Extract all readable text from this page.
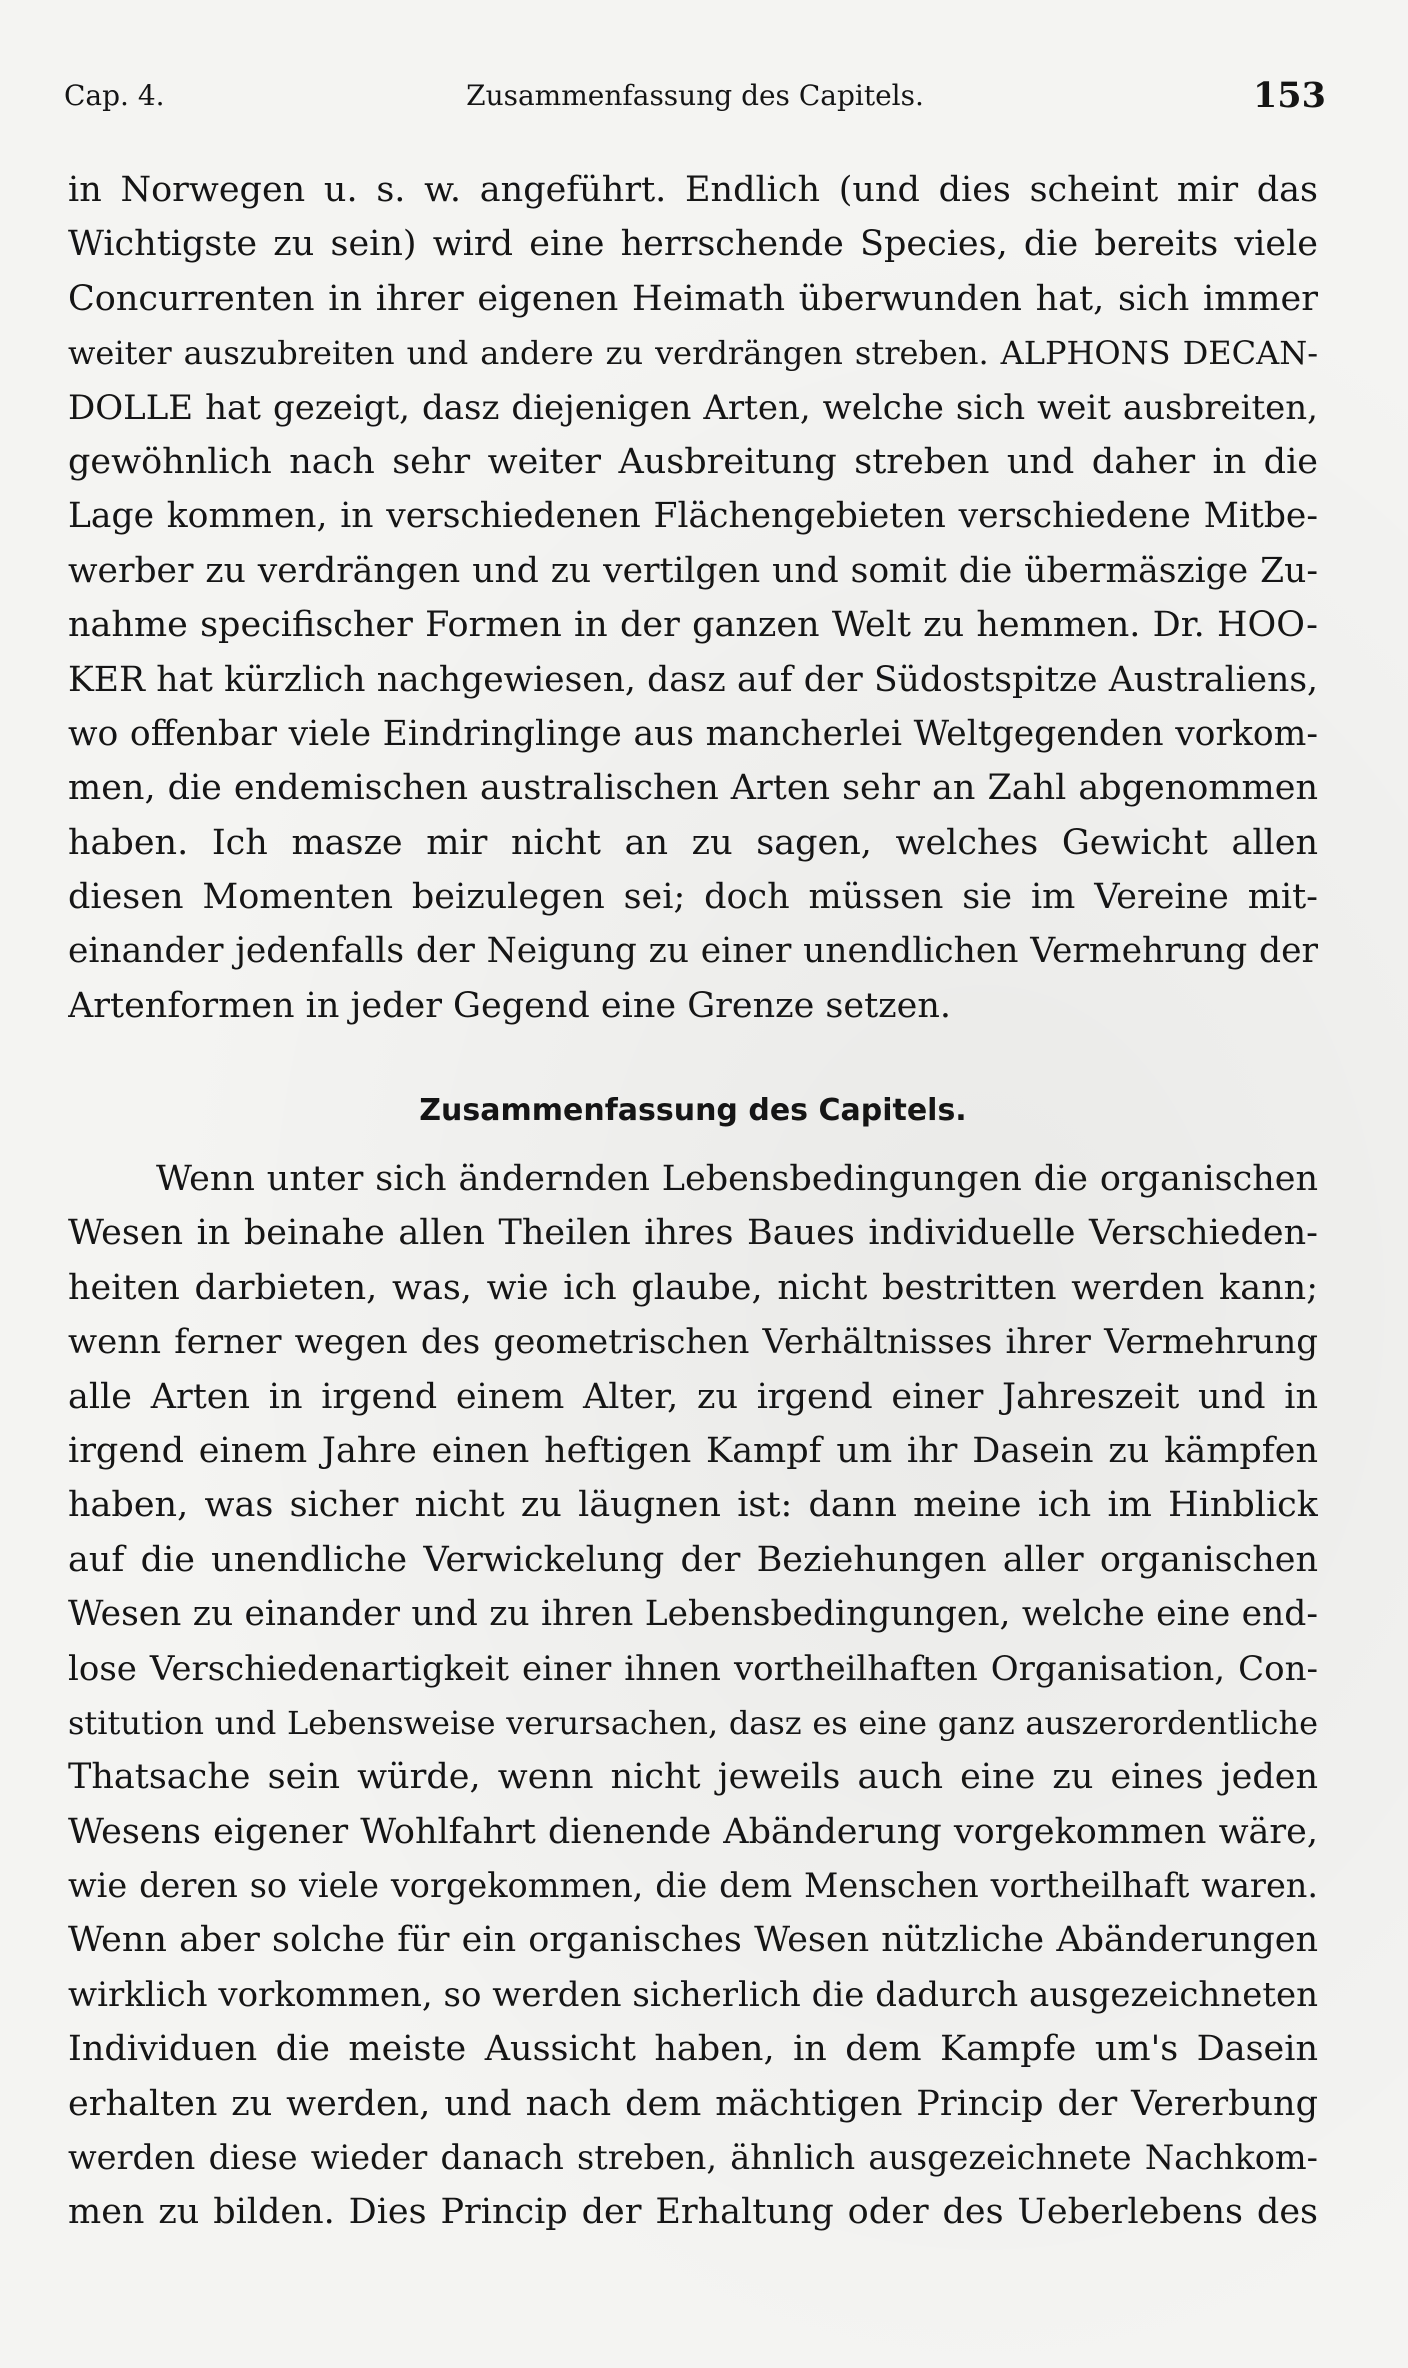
Cap. 4.	Zusammenfassung des Capitels.	153
in Norwegen u. s. w. angeführt. Endlich (und dies scheint mir das
Wichtigste zu sein) wird eine herrschende Species, die bereits viele
Concurrenten in ihrer eigenen Heimath überwunden hat, sich immer
weiter auszubreiten und andere zu verdrängen streben. ALPHONS DECAN-
DOLLE hat gezeigt, dasz diejenigen Arten, welche sich weit ausbreiten,
gewöhnlich nach sehr weiter Ausbreitung streben und daher in die
Lage kommen, in verschiedenen Flächengebieten verschiedene Mitbe-
werber zu verdrängen und zu vertilgen und somit die übermäszige Zu-
nahme specifischer Formen in der ganzen Welt zu hemmen. Dr. HOO-
KER hat kürzlich nachgewiesen, dasz auf der Südostspitze Australiens,
wo offenbar viele Eindringlinge aus mancherlei Weltgegenden vorkom-
men, die endemischen australischen Arten sehr an Zahl abgenommen
haben. Ich masze mir nicht an zu sagen, welches Gewicht allen
diesen Momenten beizulegen sei; doch müssen sie im Vereine mit-
einander jedenfalls der Neigung zu einer unendlichen Vermehrung der
Artenformen in jeder Gegend eine Grenze setzen.
Zusammenfassung des Capitels.
Wenn unter sich ändernden Lebensbedingungen die organischen
Wesen in beinahe allen Theilen ihres Baues individuelle Verschieden-
heiten darbieten, was, wie ich glaube, nicht bestritten werden kann;
wenn ferner wegen des geometrischen Verhältnisses ihrer Vermehrung
alle Arten in irgend einem Alter, zu irgend einer Jahreszeit und in
irgend einem Jahre einen heftigen Kampf um ihr Dasein zu kämpfen
haben, was sicher nicht zu läugnen ist: dann meine ich im Hinblick
auf die unendliche Verwickelung der Beziehungen aller organischen
Wesen zu einander und zu ihren Lebensbedingungen, welche eine end-
lose Verschiedenartigkeit einer ihnen vortheilhaften Organisation, Con-
stitution und Lebensweise verursachen, dasz es eine ganz auszerordentliche
Thatsache sein würde, wenn nicht jeweils auch eine zu eines jeden
Wesens eigener Wohlfahrt dienende Abänderung vorgekommen wäre,
wie deren so viele vorgekommen, die dem Menschen vortheilhaft waren.
Wenn aber solche für ein organisches Wesen nützliche Abänderungen
wirklich vorkommen, so werden sicherlich die dadurch ausgezeichneten
Individuen die meiste Aussicht haben, in dem Kampfe um's Dasein
erhalten zu werden, und nach dem mächtigen Princip der Vererbung
werden diese wieder danach streben, ähnlich ausgezeichnete Nachkom-
men zu bilden. Dies Princip der Erhaltung oder des Ueberlebens des
